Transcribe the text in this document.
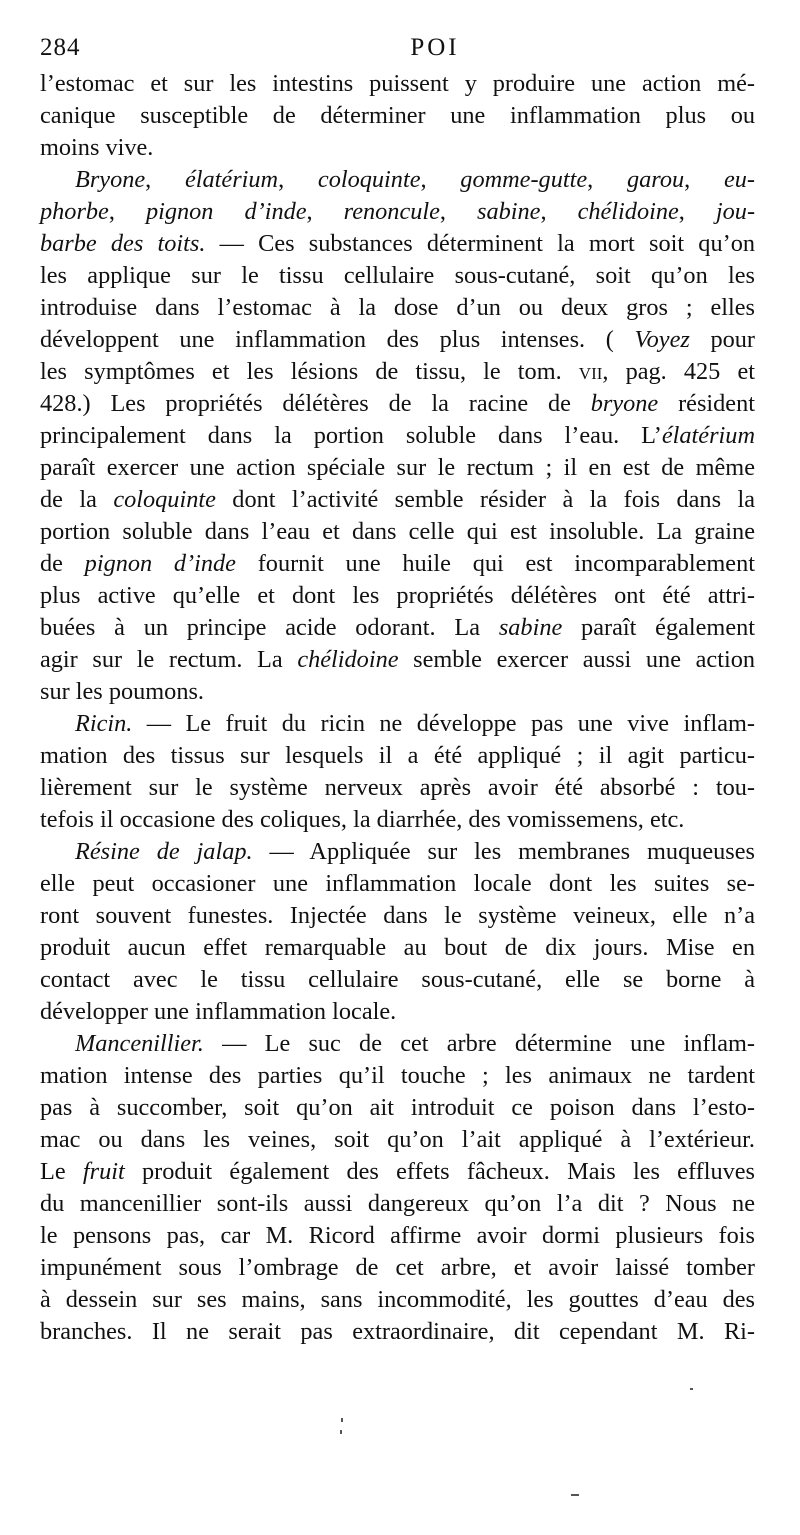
284	POI
l’estomac et sur les intestins puissent y produire une action mé-
canique susceptible de déterminer une inflammation plus ou
moins vive.
Bryone, élatérium, coloquinte, gomme-gutte, garou, eu-
phorbe, pignon d’inde, renoncule, sabine, chélidoine, jou-
barbe des toits. — Ces substances déterminent la mort soit qu’on
les applique sur le tissu cellulaire sous-cutané, soit qu’on les
introduise dans l’estomac à la dose d’un ou deux gros ; elles
développent une inflammation des plus intenses. ( Voyez pour
les symptômes et les lésions de tissu, le tom. vii, pag. 425 et
428.) Les propriétés délétères de la racine de bryone résident
principalement dans la portion soluble dans l’eau. L’élatérium
paraît exercer une action spéciale sur le rectum ; il en est de même
de la coloquinte dont l’activité semble résider à la fois dans la
portion soluble dans l’eau et dans celle qui est insoluble. La graine
de pignon d’inde fournit une huile qui est incomparablement
plus active qu’elle et dont les propriétés délétères ont été attri-
buées à un principe acide odorant. La sabine paraît également
agir sur le rectum. La chélidoine semble exercer aussi une action
sur les poumons.
Ricin. — Le fruit du ricin ne développe pas une vive inflam-
mation des tissus sur lesquels il a été appliqué ; il agit particu-
lièrement sur le système nerveux après avoir été absorbé : tou-
tefois il occasione des coliques, la diarrhée, des vomissemens, etc.
Résine de jalap. — Appliquée sur les membranes muqueuses
elle peut occasioner une inflammation locale dont les suites se-
ront souvent funestes. Injectée dans le système veineux, elle n’a
produit aucun effet remarquable au bout de dix jours. Mise en
contact avec le tissu cellulaire sous-cutané, elle se borne à
développer une inflammation locale.
Mancenillier. — Le suc de cet arbre détermine une inflam-
mation intense des parties qu’il touche ; les animaux ne tardent
pas à succomber, soit qu’on ait introduit ce poison dans l’esto-
mac ou dans les veines, soit qu’on l’ait appliqué à l’extérieur.
Le fruit produit également des effets fâcheux. Mais les effluves
du mancenillier sont-ils aussi dangereux qu’on l’a dit ? Nous ne
le pensons pas, car M. Ricord affirme avoir dormi plusieurs fois
impunément sous l’ombrage de cet arbre, et avoir laissé tomber
à dessein sur ses mains, sans incommodité, les gouttes d’eau des
branches. Il ne serait pas extraordinaire, dit cependant M. Ri-
